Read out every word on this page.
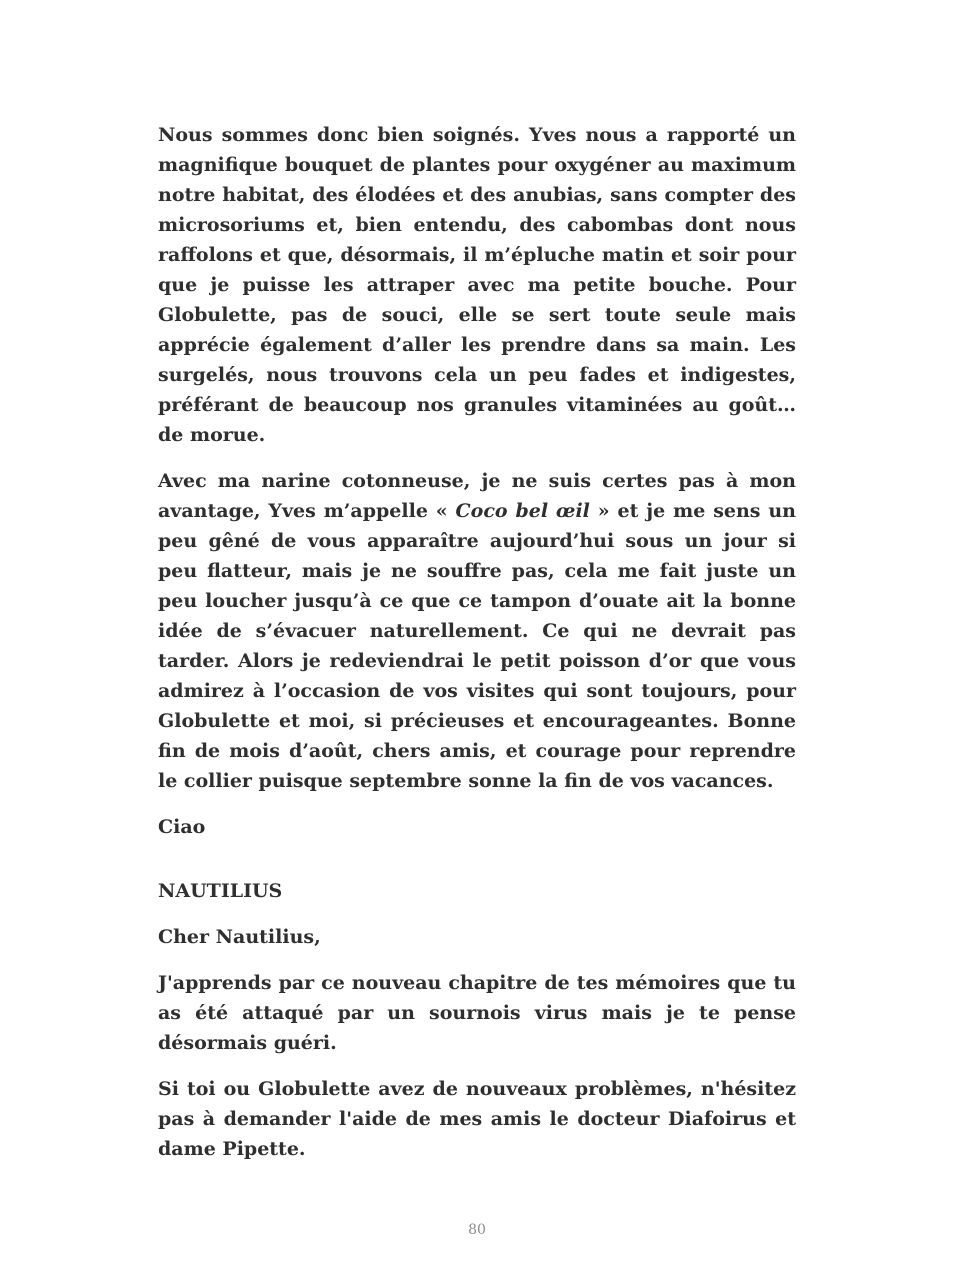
Nous sommes donc bien soignés. Yves nous a rapporté un magnifique bouquet de plantes pour oxygéner au maximum notre habitat, des élodées et des anubias, sans compter des microsoriums et, bien entendu, des cabombas dont nous raffolons et que, désormais, il m’épluche matin et soir pour que je puisse les attraper avec ma petite bouche. Pour Globulette, pas de souci, elle se sert toute seule mais apprécie également d’aller les prendre dans sa main. Les surgelés, nous trouvons cela un peu fades et indigestes, préférant de beaucoup nos granules vitaminées au goût… de morue.

Avec ma narine cotonneuse, je ne suis certes pas à mon avantage, Yves m’appelle « Coco bel œil » et je me sens un peu gêné de vous apparaître aujourd’hui sous un jour si peu flatteur, mais je ne souffre pas, cela me fait juste un peu loucher jusqu’à ce que ce tampon d’ouate ait la bonne idée de s’évacuer naturellement. Ce qui ne devrait pas tarder. Alors je redeviendrai le petit poisson d’or que vous admirez à l’occasion de vos visites qui sont toujours, pour Globulette et moi, si précieuses et encourageantes. Bonne fin de mois d’août, chers amis, et courage pour reprendre le collier puisque septembre sonne la fin de vos vacances.

Ciao

NAUTILIUS

Cher Nautilius,

J'apprends par ce nouveau chapitre de tes mémoires que tu as été attaqué par un sournois virus mais je te pense désormais guéri.

Si toi ou Globulette avez de nouveaux problèmes, n'hésitez pas à demander l'aide de mes amis le docteur Diafoirus et dame Pipette.

80
